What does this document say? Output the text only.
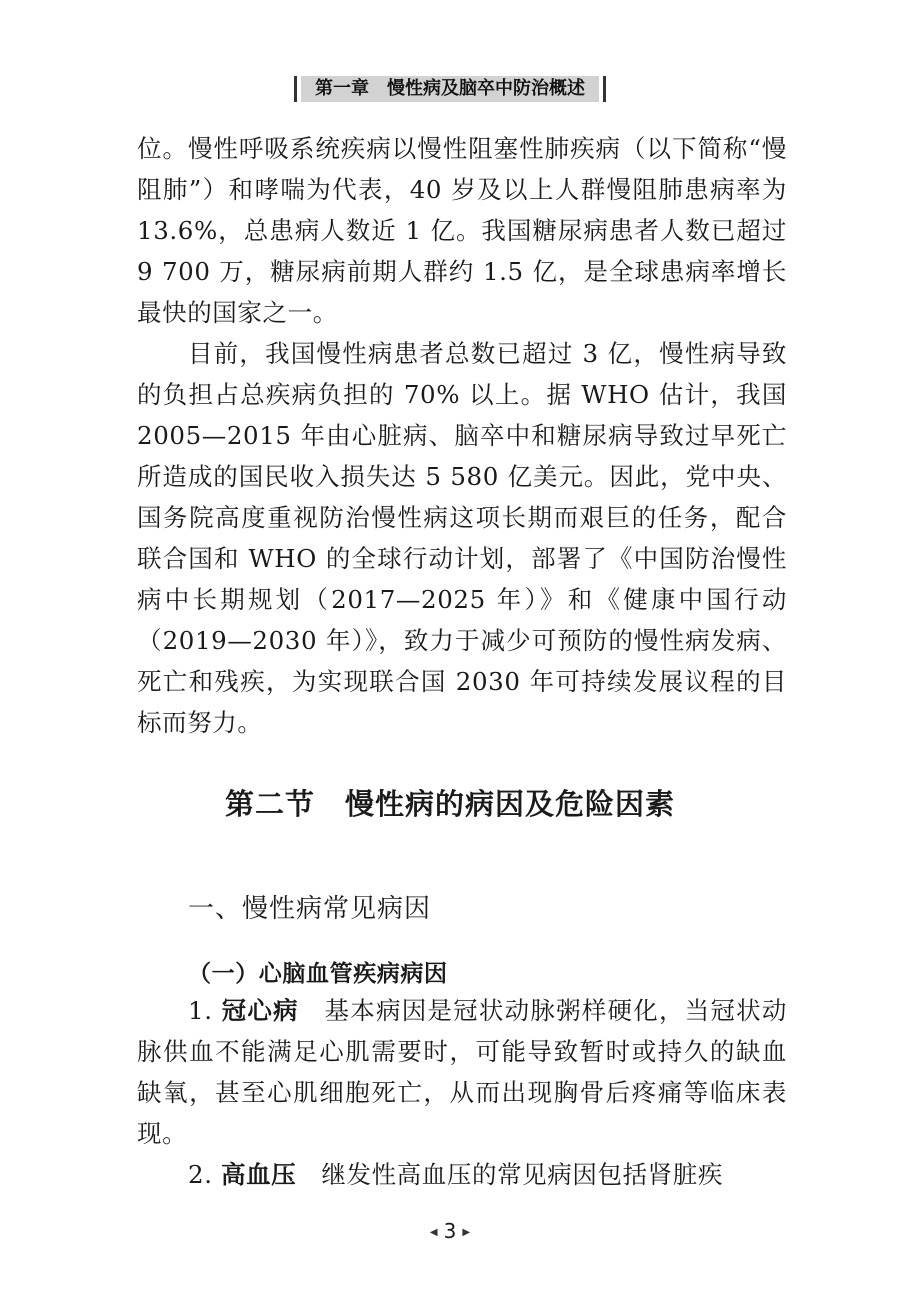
第一章　慢性病及脑卒中防治概述

位。慢性呼吸系统疾病以慢性阻塞性肺疾病（以下简称“慢阻肺”）和哮喘为代表，40 岁及以上人群慢阻肺患病率为 13.6%，总患病人数近 1 亿。我国糖尿病患者人数已超过 9 700 万，糖尿病前期人群约 1.5 亿，是全球患病率增长最快的国家之一。

目前，我国慢性病患者总数已超过 3 亿，慢性病导致的负担占总疾病负担的 70% 以上。据 WHO 估计，我国 2005—2015 年由心脏病、脑卒中和糖尿病导致过早死亡所造成的国民收入损失达 5 580 亿美元。因此，党中央、国务院高度重视防治慢性病这项长期而艰巨的任务，配合联合国和 WHO 的全球行动计划，部署了《中国防治慢性病中长期规划（2017—2025 年）》和《健康中国行动（2019—2030 年）》，致力于减少可预防的慢性病发病、死亡和残疾，为实现联合国 2030 年可持续发展议程的目标而努力。

第二节　慢性病的病因及危险因素
一、慢性病常见病因
（一）心脑血管疾病病因

1. 冠心病　基本病因是冠状动脉粥样硬化，当冠状动脉供血不能满足心肌需要时，可能导致暂时或持久的缺血缺氧，甚至心肌细胞死亡，从而出现胸骨后疼痛等临床表现。

2. 高血压　继发性高血压的常见病因包括肾脏疾

◀ 3 ▶
